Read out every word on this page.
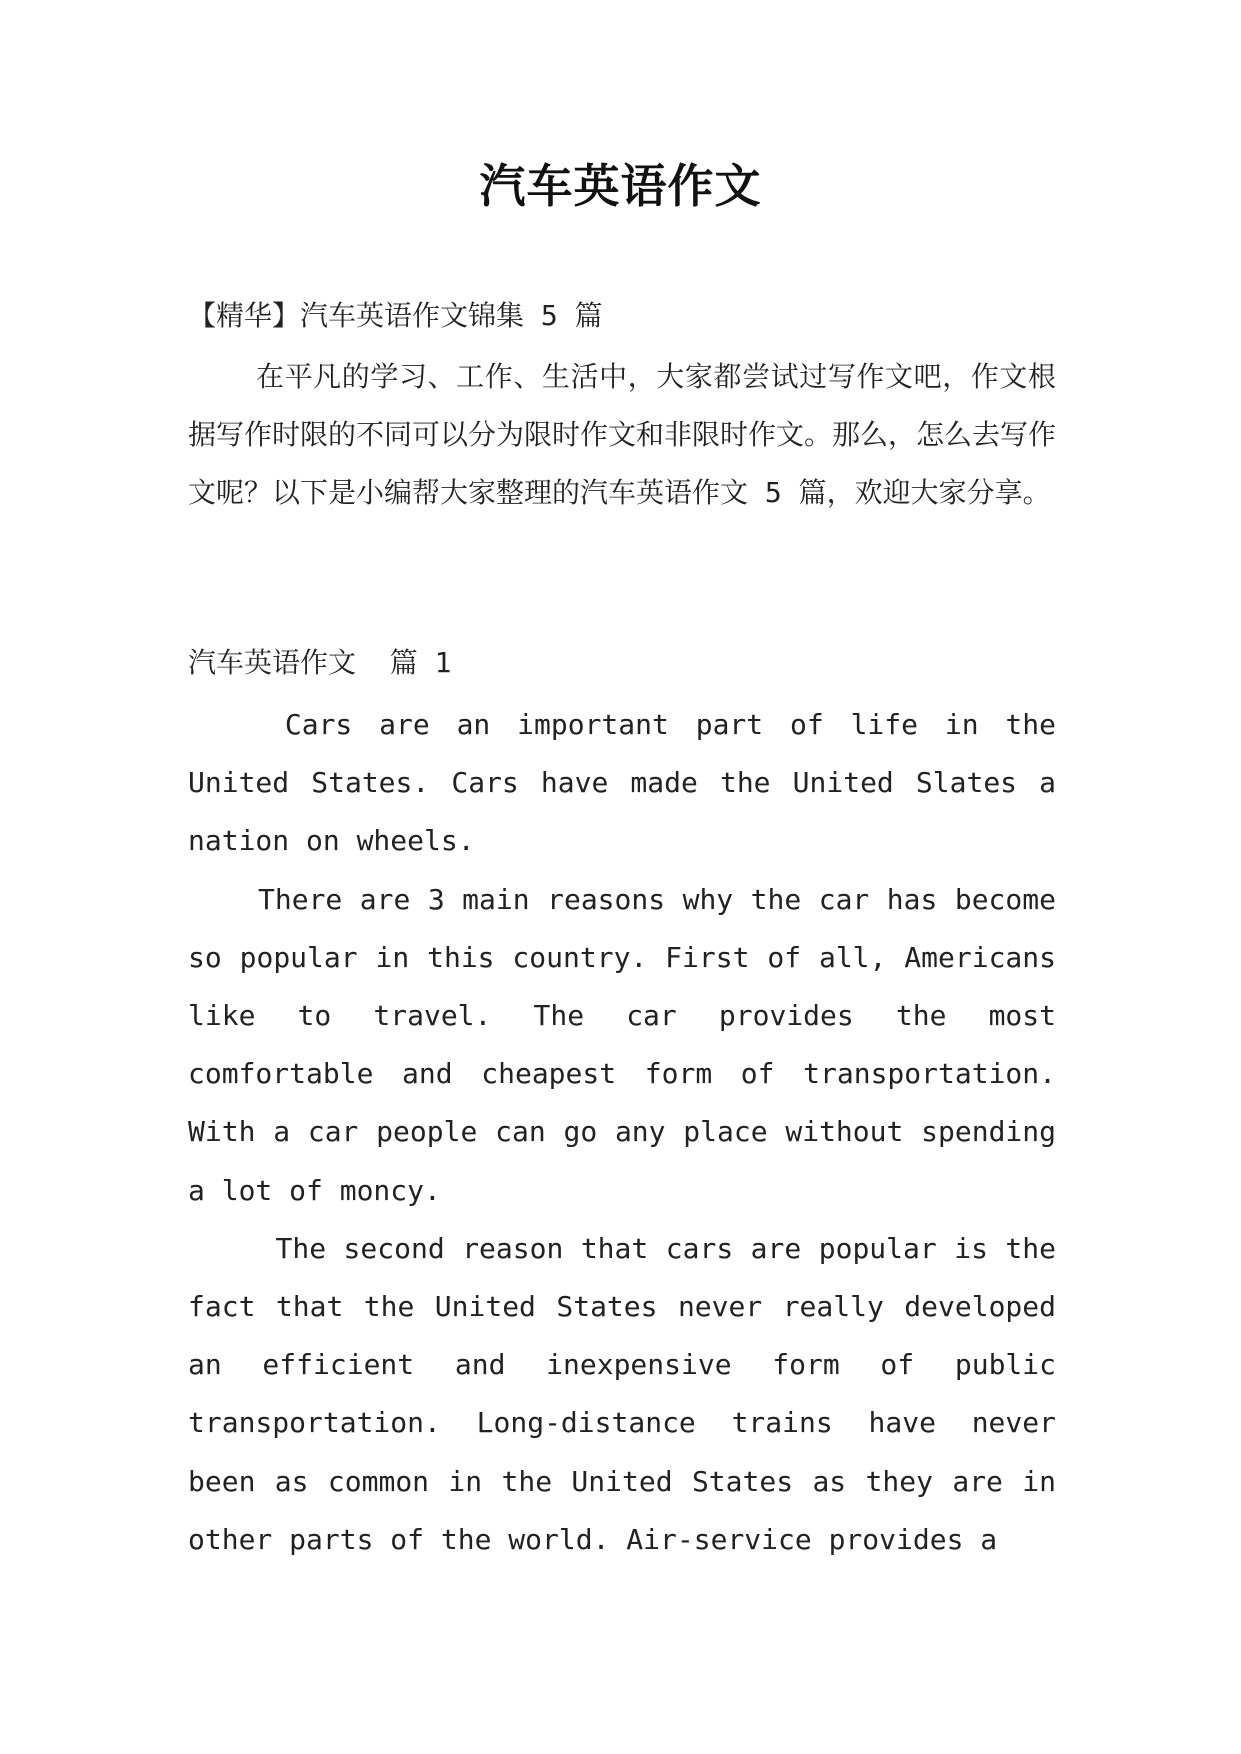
汽车英语作文
【精华】汽车英语作文锦集 5 篇
在平凡的学习、工作、生活中，大家都尝试过写作文吧，作文根据写作时限的不同可以分为限时作文和非限时作文。那么，怎么去写作文呢？以下是小编帮大家整理的汽车英语作文 5 篇，欢迎大家分享。
汽车英语作文  篇 1

Cars are an important part of life in the United States. Cars have made the United Slates a nation on wheels.

There are 3 main reasons why the car has become so popular in this country. First of all, Americans like to travel. The car provides the most comfortable and cheapest form of transportation. With a car people can go any place without spending a lot of moncy.

The second reason that cars are popular is the fact that the United States never really developed an efficient and inexpensive form of public transportation. Long-distance trains have never been as common in the United States as they are in other parts of the world. Air-service provides a
